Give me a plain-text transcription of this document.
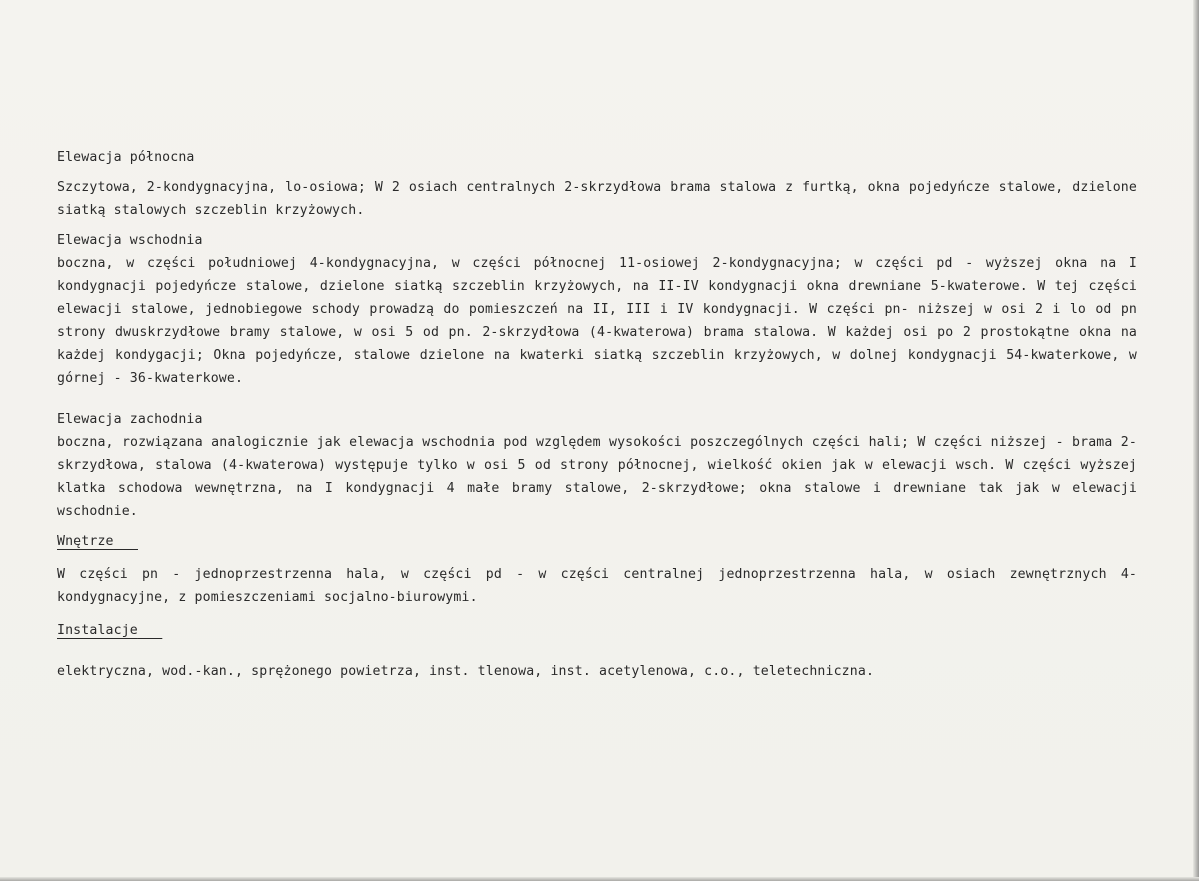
Elewacja północna

Szczytowa, 2-kondygnacyjna, lo-osiowa; W 2 osiach centralnych 2-skrzydłowa brama stalowa z furtką, okna pojedyńcze stalowe, dzielone siatką stalowych szczeblin krzyżowych.

Elewacja wschodnia

boczna, w części południowej 4-kondygnacyjna, w części północnej 11-osiowej 2-kondygnacyjna; w części pd - wyższej okna na I kondygnacji pojedyńcze stalowe, dzielone siatką szczeblin krzyżowych, na II-IV kondygnacji okna drewniane 5-kwaterowe. W tej części elewacji stalowe, jednobiegowe schody prowadzą do pomieszczeń na II, III i IV kondygnacji. W części pn- niższej w osi 2 i lo od pn strony dwuskrzydłowe bramy stalowe, w osi 5 od pn. 2-skrzydłowa (4-kwaterowa) brama stalowa. W każdej osi po 2 prostokątne okna na każdej kondygacji; Okna pojedyńcze, stalowe dzielone na kwaterki siatką szczeblin krzyżowych, w dolnej kondygnacji 54-kwaterkowe, w górnej - 36-kwaterkowe.

Elewacja zachodnia

boczna, rozwiązana analogicznie jak elewacja wschodnia pod względem wysokości poszczególnych części hali; W części niższej - brama 2-skrzydłowa, stalowa (4-kwaterowa) występuje tylko w osi 5 od strony północnej, wielkość okien jak w elewacji wsch. W części wyższej klatka schodowa wewnętrzna, na I kondygnacji 4 małe bramy stalowe, 2-skrzydłowe; okna stalowe i drewniane tak jak w elewacji wschodnie.

Wnętrze

W części pn - jednoprzestrzenna hala, w części pd - w części centralnej jednoprzestrzenna hala, w osiach zewnętrznych 4-kondygnacyjne, z pomieszczeniami socjalno-biurowymi.

Instalacje

elektryczna, wod.-kan., sprężonego powietrza, inst. tlenowa, inst. acetylenowa, c.o., teletechniczna.
